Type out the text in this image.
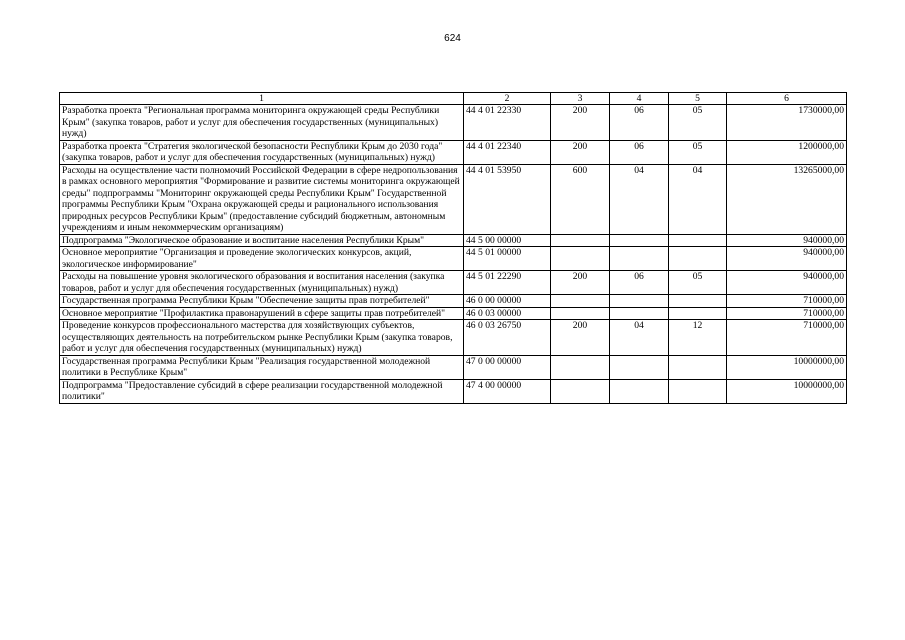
624
1	2	3	4	5	6
Разработка проекта "Региональная программа мониторинга окружающей среды Республики Крым" (закупка товаров, работ и услуг для обеспечения государственных (муниципальных) нужд)	44 4 01 22330	200	06	05	1730000,00
Разработка проекта "Стратегия экологической безопасности Республики Крым до 2030 года" (закупка товаров, работ и услуг для обеспечения государственных (муниципальных) нужд)	44 4 01 22340	200	06	05	1200000,00
Расходы на осуществление части полномочий Российской Федерации в сфере недропользования в рамках основного мероприятия "Формирование и развитие системы мониторинга окружающей среды" подпрограммы "Мониторинг окружающей среды Республики Крым" Государственной программы Республики Крым "Охрана окружающей среды и рационального использования природных ресурсов Республики Крым" (предоставление субсидий бюджетным, автономным учреждениям и иным некоммерческим организациям)	44 4 01 53950	600	04	04	13265000,00
Подпрограмма "Экологическое образование и воспитание населения Республики Крым"	44 5 00 00000				940000,00
Основное мероприятие "Организация и проведение экологических конкурсов, акций, экологическое информирование"	44 5 01 00000				940000,00
Расходы на повышение уровня экологического образования и воспитания населения (закупка товаров, работ и услуг для обеспечения государственных (муниципальных) нужд)	44 5 01 22290	200	06	05	940000,00
Государственная программа Республики Крым "Обеспечение защиты прав потребителей"	46 0 00 00000				710000,00
Основное мероприятие "Профилактика правонарушений в сфере защиты прав потребителей"	46 0 03 00000				710000,00
Проведение конкурсов профессионального мастерства для хозяйствующих субъектов, осуществляющих деятельность на потребительском рынке Республики Крым (закупка товаров, работ и услуг для обеспечения государственных (муниципальных) нужд)	46 0 03 26750	200	04	12	710000,00
Государственная программа Республики Крым "Реализация государственной молодежной политики в Республике Крым"	47 0 00 00000				10000000,00
Подпрограмма "Предоставление субсидий в сфере реализации государственной молодежной политики"	47 4 00 00000				10000000,00
